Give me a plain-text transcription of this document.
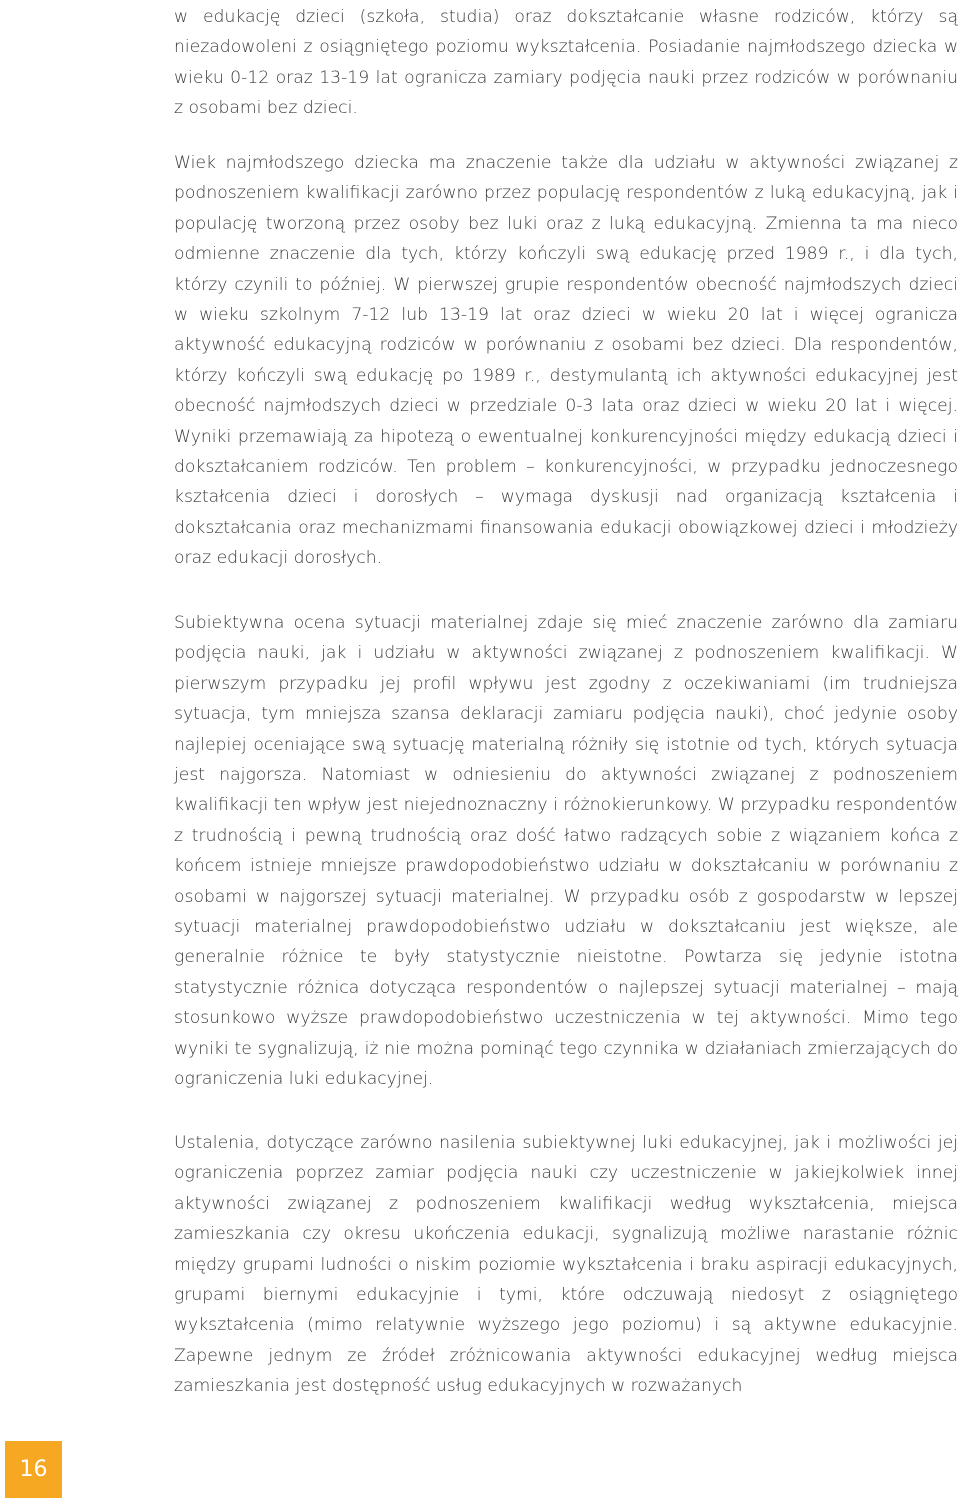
w edukację dzieci (szkoła, studia) oraz dokształcanie własne rodziców, którzy są niezadowoleni z osiągniętego poziomu wykształcenia. Posiadanie najmłodszego dziecka w wieku 0-12 oraz 13-19 lat ogranicza zamiary podjęcia nauki przez rodziców w porównaniu z osobami bez dzieci.

Wiek najmłodszego dziecka ma znaczenie także dla udziału w aktywności związanej z podnoszeniem kwalifikacji zarówno przez populację respondentów z luką edukacyjną, jak i populację tworzoną przez osoby bez luki oraz z luką edukacyjną. Zmienna ta ma nieco odmienne znaczenie dla tych, którzy kończyli swą edukację przed 1989 r., i dla tych, którzy czynili to później. W pierwszej grupie respondentów obecność najmłodszych dzieci w wieku szkolnym 7-12 lub 13-19 lat oraz dzieci w wieku 20 lat i więcej ogranicza aktywność edukacyjną rodziców w porównaniu z osobami bez dzieci. Dla respondentów, którzy kończyli swą edukację po 1989 r., destymulantą ich aktywności edukacyjnej jest obecność najmłodszych dzieci w przedziale 0-3 lata oraz dzieci w wieku 20 lat i więcej. Wyniki przemawiają za hipotezą o ewentualnej konkurencyjności między edukacją dzieci i dokształcaniem rodziców. Ten problem – konkurencyjności, w przypadku jednoczesnego kształcenia dzieci i dorosłych – wymaga dyskusji nad organizacją kształcenia i dokształcania oraz mechanizmami finansowania edukacji obowiązkowej dzieci i młodzieży oraz edukacji dorosłych.

Subiektywna ocena sytuacji materialnej zdaje się mieć znaczenie zarówno dla zamiaru podjęcia nauki, jak i udziału w aktywności związanej z podnoszeniem kwalifikacji. W pierwszym przypadku jej profil wpływu jest zgodny z oczekiwaniami (im trudniejsza sytuacja, tym mniejsza szansa deklaracji zamiaru podjęcia nauki), choć jedynie osoby najlepiej oceniające swą sytuację materialną różniły się istotnie od tych, których sytuacja jest najgorsza. Natomiast w odniesieniu do aktywności związanej z podnoszeniem kwalifikacji ten wpływ jest niejednoznaczny i różnokierunkowy. W przypadku respondentów z trudnością i pewną trudnością oraz dość łatwo radzących sobie z wiązaniem końca z końcem istnieje mniejsze prawdopodobieństwo udziału w dokształcaniu w porównaniu z osobami w najgorszej sytuacji materialnej. W przypadku osób z gospodarstw w lepszej sytuacji materialnej prawdopodobieństwo udziału w dokształcaniu jest większe, ale generalnie różnice te były statystycznie nieistotne. Powtarza się jedynie istotna statystycznie różnica dotycząca respondentów o najlepszej sytuacji materialnej – mają stosunkowo wyższe prawdopodobieństwo uczestniczenia w tej aktywności. Mimo tego wyniki te sygnalizują, iż nie można pominąć tego czynnika w działaniach zmierzających do ograniczenia luki edukacyjnej.

Ustalenia, dotyczące zarówno nasilenia subiektywnej luki edukacyjnej, jak i możliwości jej ograniczenia poprzez zamiar podjęcia nauki czy uczestniczenie w jakiejkolwiek innej aktywności związanej z podnoszeniem kwalifikacji według wykształcenia, miejsca zamieszkania czy okresu ukończenia edukacji, sygnalizują możliwe narastanie różnic między grupami ludności o niskim poziomie wykształcenia i braku aspiracji edukacyjnych, grupami biernymi edukacyjnie i tymi, które odczuwają niedosyt z osiągniętego wykształcenia (mimo relatywnie wyższego jego poziomu) i są aktywne edukacyjnie. Zapewne jednym ze źródeł zróżnicowania aktywności edukacyjnej według miejsca zamieszkania jest dostępność usług edukacyjnych w rozważanych

16
